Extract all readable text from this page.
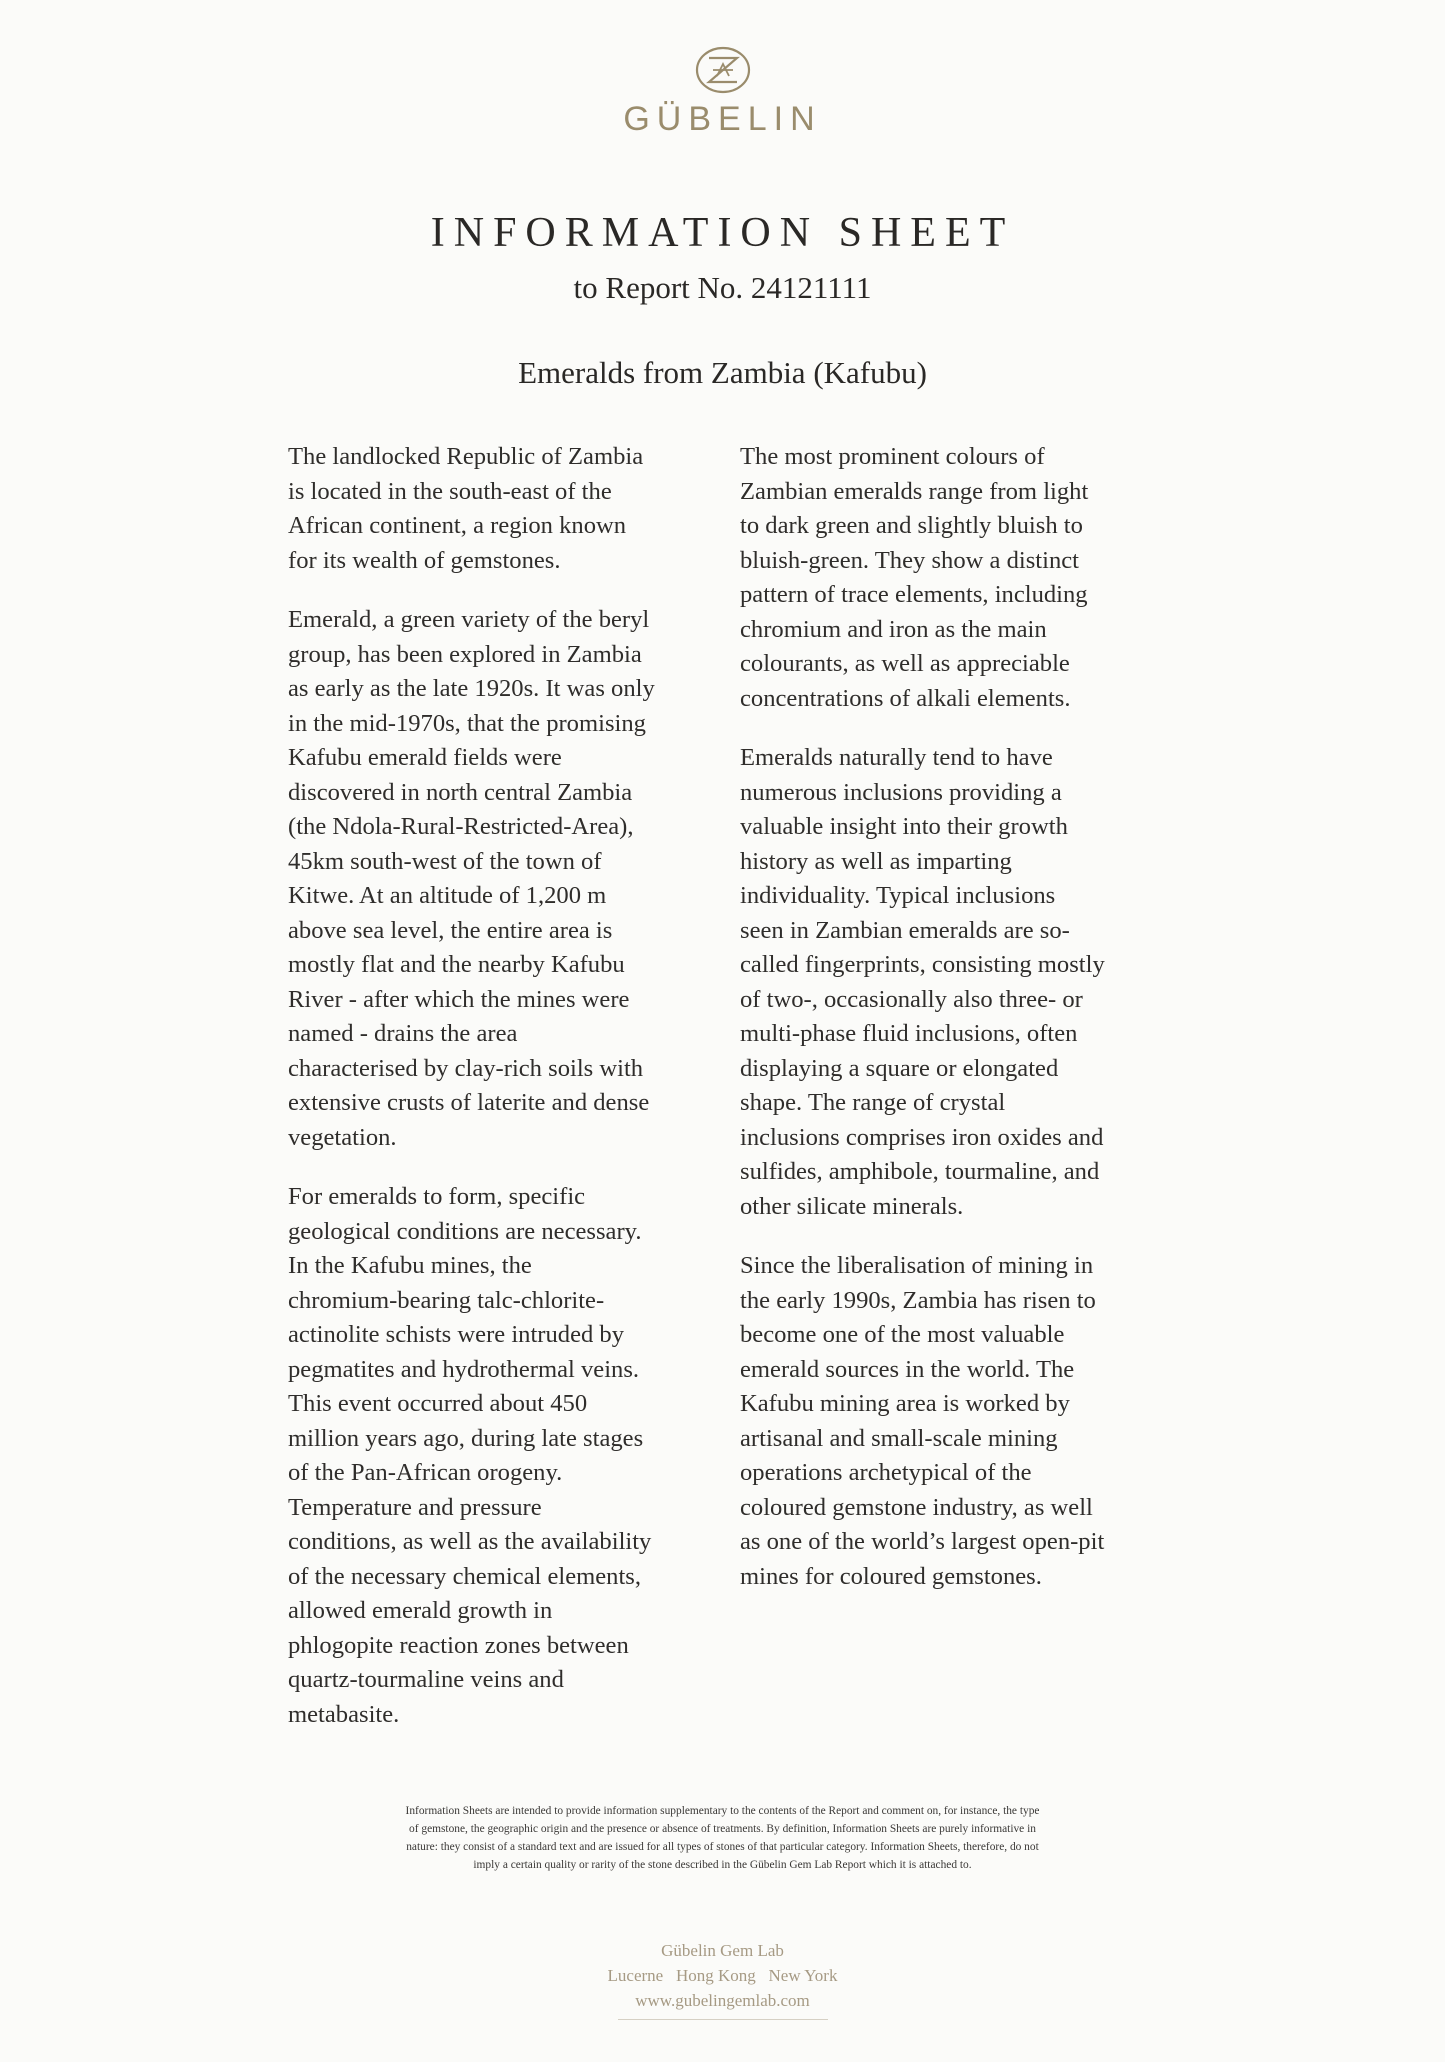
GÜBELIN
INFORMATION SHEET
to Report No. 24121111
Emeralds from Zambia (Kafubu)

The landlocked Republic of Zambia
is located in the south-east of the
African continent, a region known
for its wealth of gemstones.

Emerald, a green variety of the beryl
group, has been explored in Zambia
as early as the late 1920s. It was only
in the mid-1970s, that the promising
Kafubu emerald fields were
discovered in north central Zambia
(the Ndola-Rural-Restricted-Area),
45km south-west of the town of
Kitwe. At an altitude of 1,200 m
above sea level, the entire area is
mostly flat and the nearby Kafubu
River - after which the mines were
named - drains the area
characterised by clay-rich soils with
extensive crusts of laterite and dense
vegetation.

For emeralds to form, specific
geological conditions are necessary.
In the Kafubu mines, the
chromium-bearing talc-chlorite-
actinolite schists were intruded by
pegmatites and hydrothermal veins.
This event occurred about 450
million years ago, during late stages
of the Pan-African orogeny.
Temperature and pressure
conditions, as well as the availability
of the necessary chemical elements,
allowed emerald growth in
phlogopite reaction zones between
quartz-tourmaline veins and
metabasite.

The most prominent colours of
Zambian emeralds range from light
to dark green and slightly bluish to
bluish-green. They show a distinct
pattern of trace elements, including
chromium and iron as the main
colourants, as well as appreciable
concentrations of alkali elements.

Emeralds naturally tend to have
numerous inclusions providing a
valuable insight into their growth
history as well as imparting
individuality. Typical inclusions
seen in Zambian emeralds are so-
called fingerprints, consisting mostly
of two-, occasionally also three- or
multi-phase fluid inclusions, often
displaying a square or elongated
shape. The range of crystal
inclusions comprises iron oxides and
sulfides, amphibole, tourmaline, and
other silicate minerals.

Since the liberalisation of mining in
the early 1990s, Zambia has risen to
become one of the most valuable
emerald sources in the world. The
Kafubu mining area is worked by
artisanal and small-scale mining
operations archetypical of the
coloured gemstone industry, as well
as one of the world’s largest open-pit
mines for coloured gemstones.

Information Sheets are intended to provide information supplementary to the contents of the Report and comment on, for instance, the type
of gemstone, the geographic origin and the presence or absence of treatments. By definition, Information Sheets are purely informative in
nature: they consist of a standard text and are issued for all types of stones of that particular category. Information Sheets, therefore, do not
imply a certain quality or rarity of the stone described in the Gübelin Gem Lab Report which it is attached to.
Gübelin Gem Lab
Lucerne   Hong Kong   New York
www.gubelingemlab.com
